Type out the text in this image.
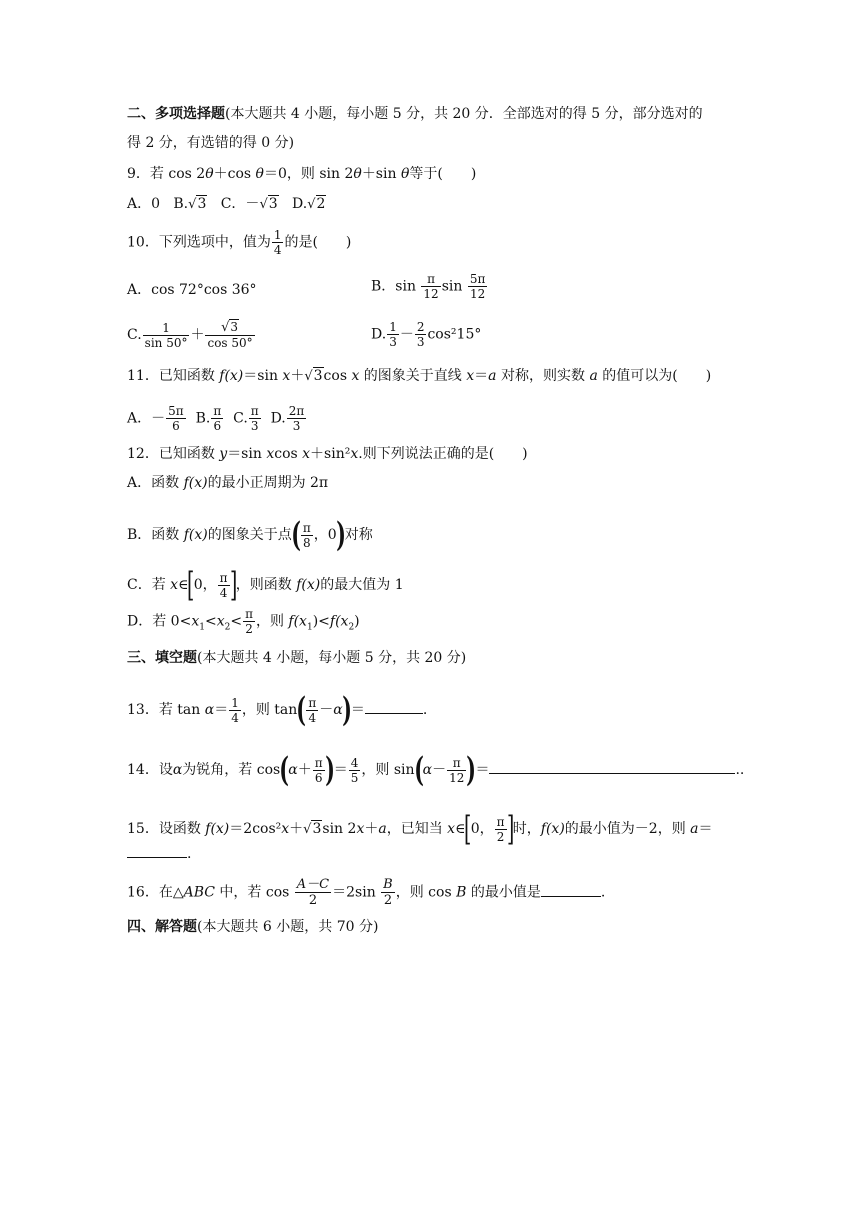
二、多项选择题(本大题共 4 小题，每小题 5 分，共 20 分．全部选对的得 5 分，部分选对的
得 2 分，有选错的得 0 分)
9．若 cos 2θ＋cos θ＝0，则 sin 2θ＋sin θ等于(　　)
A．0 B.√3 C．－√3 D.√2
10．下列选项中，值为 $\frac{1}{4}$ 的是(　　)
A．cos 72°cos 36°	B．$\sin \frac{\pi}{12}$ $\sin \frac{5\pi}{12}$
C. $\frac{1}{\sin 50^\circ} + \frac{√3}{\cos 50^\circ}$	D. $\frac{1}{3} - \frac{2}{3} \cos^215^\circ$
11．已知函数 f(x)＝sin x＋√3cos x 的图象关于直线 x＝a 对称，则实数 a 的值可以为(　　)
A．－ $\frac{5\pi}{6} B$. $\frac{\pi}{6} C$. $\frac{\pi}{3} D$. $\frac{2\pi}{3}$
12．已知函数 y＝sin xcos x＋sin²x.则下列说法正确的是(　　)
A．函数 f(x)的最小正周期为 2π
B．函数 f(x)的图象关于点( $\frac{\pi}{8}$ ，0)对称
C．若 x∈[0， $\frac{\pi}{4}$ ]，则函数 f(x)的最大值为 1
D．若 $0<x_1<x_2< \frac{\pi}{2}$ ，则 $f(x_1)<f(x_2)$
三、填空题(本大题共 4 小题，每小题 5 分，共 20 分)
13．若 $\tan \alpha= \frac{1}{4}$ ，则 $\tan( \frac{\pi}{4} -\alpha)=$	.
14．设α为锐角，若 $\cos(\alpha+ \frac{\pi}{6}$ )＝ $\frac{4}{5}$ ，则 $\sin(\alpha- \frac{\pi}{12}$ )＝	..
15．设函数 f(x)＝2cos²x＋√3sin 2x＋a，已知当 x∈[0， $\frac{\pi}{2}$ ]时，f(x)的最小值为－2，则 a＝
.
16．在△ABC 中，若 $\cos \frac{A-C}{2} =2\sin \frac{B}{2}$ ，则 cos B 的最小值是	.
四、解答题(本大题共 6 小题，共 70 分)
